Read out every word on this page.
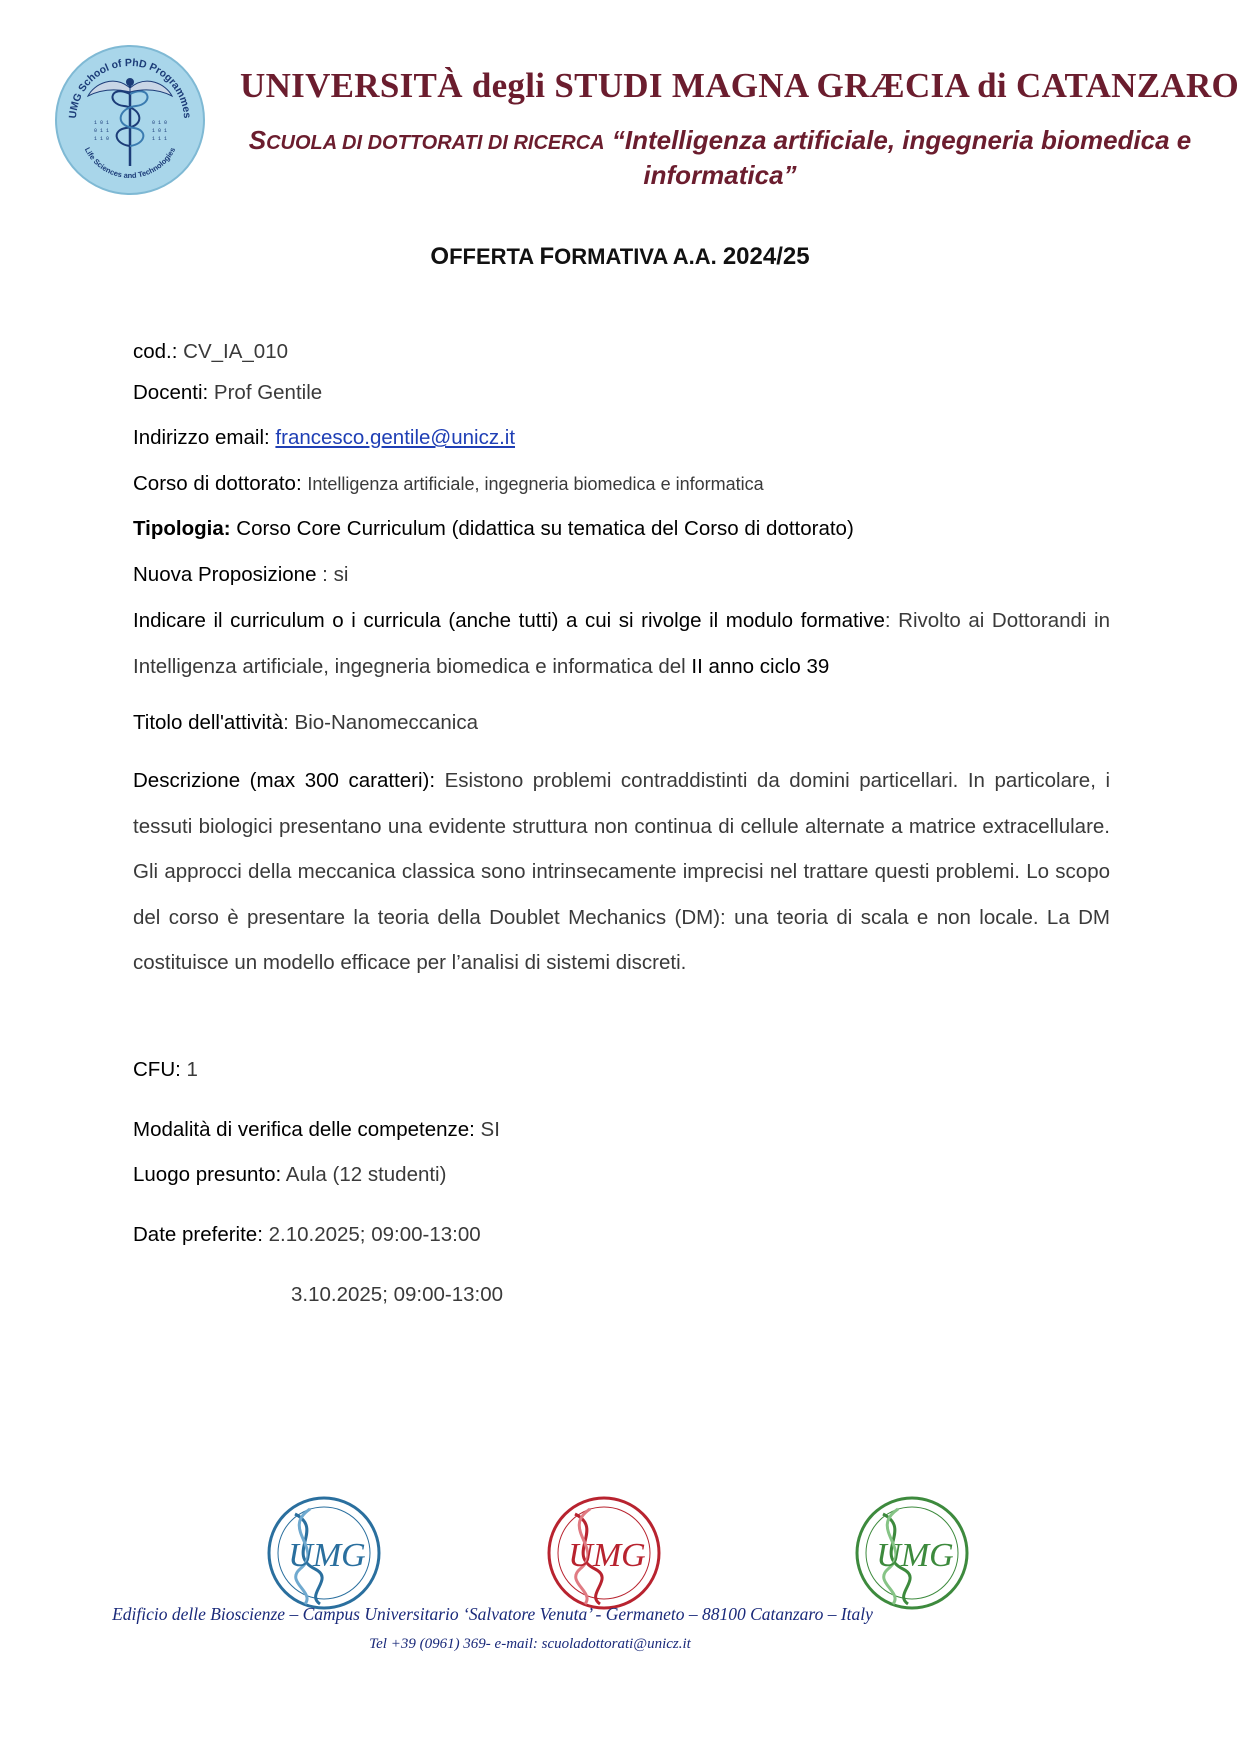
UMG School of PhD Programmes
Life Sciences and Technologies
1 0 1
0 1 1
1 1 0
0 1 0
1 0 1
1 1 1
UNIVERSITÀ degli STUDI MAGNA GRÆCIA di CATANZARO
SCUOLA DI DOTTORATI DI RICERCA “Intelligenza artificiale, ingegneria biomedica e informatica”
OFFERTA FORMATIVA A.A. 2024/25
cod.: CV_IA_010
Docenti: Prof Gentile
Indirizzo email: francesco.gentile@unicz.it
Corso di dottorato: Intelligenza artificiale, ingegneria biomedica e informatica
Tipologia: Corso Core Curriculum (didattica su tematica del Corso di dottorato)
Nuova Proposizione : si
Indicare il curriculum o i curricula (anche tutti) a cui si rivolge il modulo formative: Rivolto ai Dottorandi in Intelligenza artificiale, ingegneria biomedica e informatica del II anno ciclo 39
Titolo dell'attività: Bio-Nanomeccanica
Descrizione (max 300 caratteri): Esistono problemi contraddistinti da domini particellari. In particolare, i tessuti biologici presentano una evidente struttura non continua di cellule alternate a matrice extracellulare. Gli approcci della meccanica classica sono intrinsecamente imprecisi nel trattare questi problemi. Lo scopo del corso è presentare la teoria della Doublet Mechanics (DM): una teoria di scala e non locale. La DM costituisce un modello efficace per l’analisi di sistemi discreti.
CFU: 1
Modalità di verifica delle competenze: SI
Luogo presunto: Aula (12 studenti)
Date preferite: 2.10.2025; 09:00-13:00
3.10.2025; 09:00-13:00
UMG	UMG	UMG
Edificio delle Bioscienze – Campus Universitario ‘Salvatore Venuta’ - Germaneto – 88100 Catanzaro – Italy
Tel +39 (0961) 369- e-mail: scuoladottorati@unicz.it
